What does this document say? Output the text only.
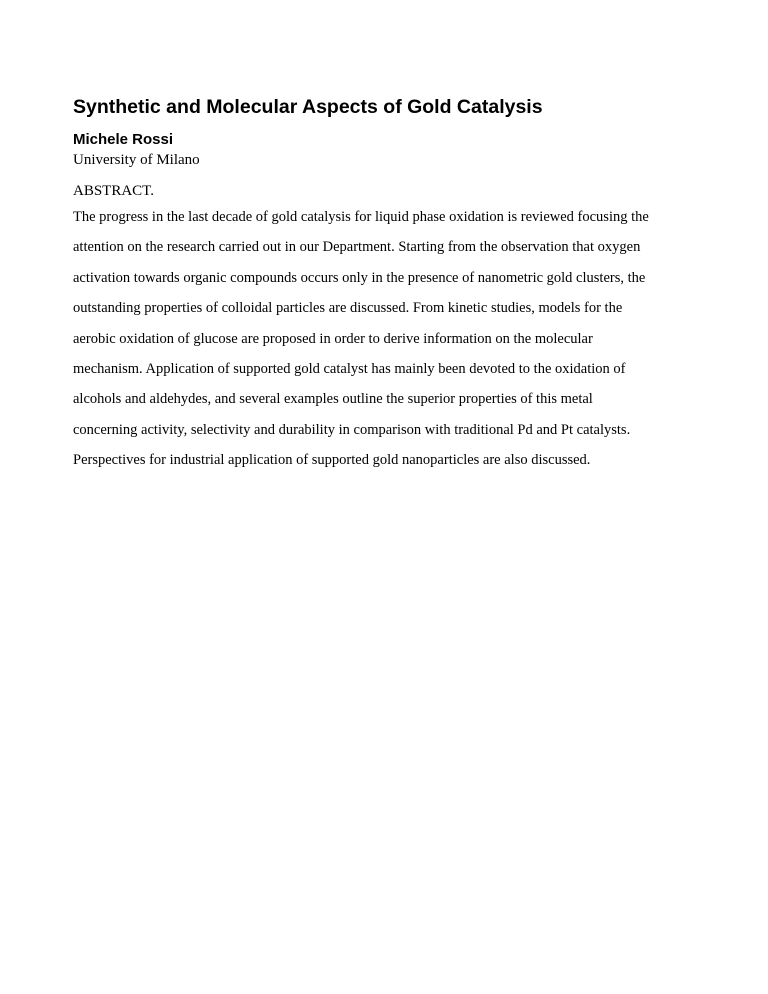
Synthetic and Molecular Aspects of Gold Catalysis
Michele Rossi
University of Milano
ABSTRACT.
The progress in the last decade of gold catalysis for liquid phase oxidation is reviewed focusing the
attention on the research carried out in our Department. Starting from the observation that oxygen
activation towards organic compounds occurs only in the presence of nanometric gold clusters, the
outstanding properties of colloidal particles are discussed. From kinetic studies, models for the
aerobic oxidation of glucose are proposed in order to derive information on the molecular
mechanism. Application of supported gold catalyst has mainly been devoted to the oxidation of
alcohols and aldehydes, and several examples outline the superior properties of this metal
concerning activity, selectivity and durability in comparison with traditional Pd and Pt catalysts.
Perspectives for industrial application of supported gold nanoparticles are also discussed.
